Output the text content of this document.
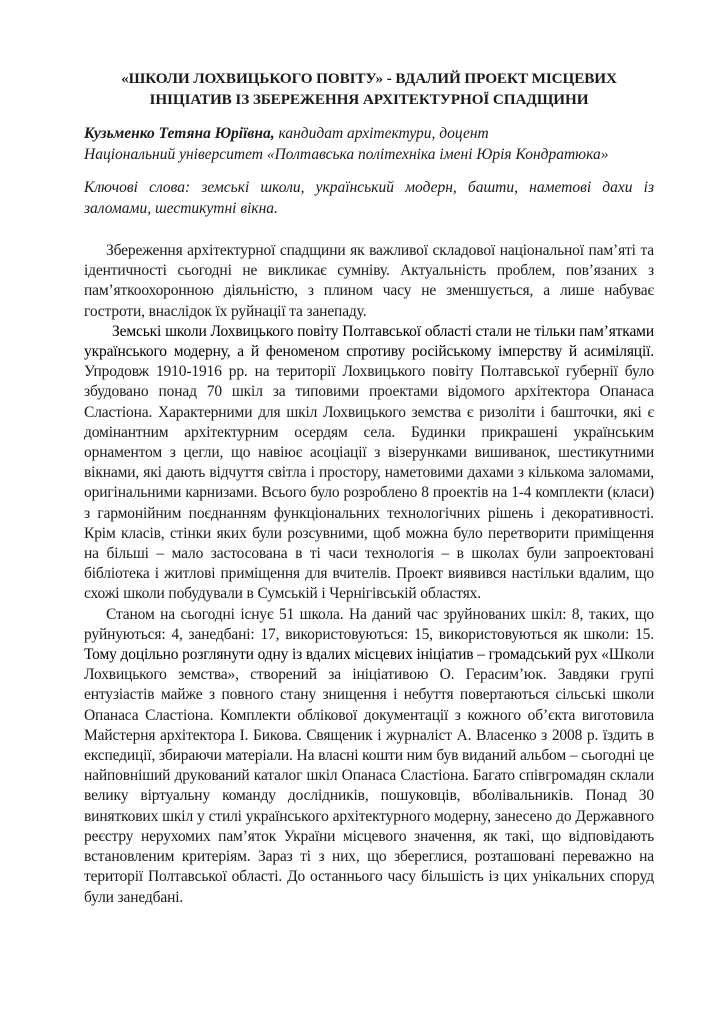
«ШКОЛИ ЛОХВИЦЬКОГО ПОВІТУ» - ВДАЛИЙ ПРОЕКТ МІСЦЕВИХ
ІНІЦІАТИВ ІЗ ЗБЕРЕЖЕННЯ АРХІТЕКТУРНОЇ СПАДЩИНИ
Кузьменко Тетяна Юріївна, кандидат архітектури, доцент
Національний університет «Полтавська політехніка імені Юрія Кондратюка»
Ключові слова: земські школи, український модерн, башти, наметові дахи із заломами, шестикутні вікна.

Збереження архітектурної спадщини як важливої складової національної пам’яті та ідентичності сьогодні не викликає сумніву. Актуальність проблем, пов’язаних з пам’яткоохоронною діяльністю, з плином часу не зменшується, а лише набуває гостроти, внаслідок їх руйнації та занепаду.

Земські школи Лохвицького повіту Полтавської області стали не тільки пам’ятками українського модерну, а й феноменом спротиву російському імперству й асиміляції. Упродовж 1910-1916 рр. на території Лохвицького повіту Полтавської губернії було збудовано понад 70 шкіл за типовими проектами відомого архітектора Опанаса Сластіона. Характерними для шкіл Лохвицького земства є ризоліти і башточки, які є домінантним архітектурним осердям села. Будинки прикрашені українським орнаментом з цегли, що навіює асоціації з візерунками вишиванок, шестикутними вікнами, які дають відчуття світла і простору, наметовими дахами з кількома заломами, оригінальними карнизами. Всього було розроблено 8 проектів на 1-4 комплекти (класи) з гармонійним поєднанням функціональних технологічних рішень і декоративності. Крім класів, стінки яких були розсувними, щоб можна було перетворити приміщення на більші – мало застосована в ті часи технологія – в школах були запроектовані бібліотека і житлові приміщення для вчителів. Проект виявився настільки вдалим, що схожі школи побудували в Сумській і Чернігівській областях.

Станом на сьогодні існує 51 школа. На даний час зруйнованих шкіл: 8, таких, що руйнуються: 4, занедбані: 17, використовуються: 15, використовуються як школи: 15. Тому доцільно розглянути одну із вдалих місцевих ініціатив – громадський рух «Школи Лохвицького земства», створений за ініціативою О. Герасим’юк. Завдяки групі ентузіастів майже з повного стану знищення і небуття повертаються сільські школи Опанаса Сластіона. Комплекти облікової документації з кожного об’єкта виготовила Майстерня архітектора І. Бикова. Священик і журналіст А. Власенко з 2008 р. їздить в експедиції, збираючи матеріали. На власні кошти ним був виданий альбом – сьогодні це найповніший друкований каталог шкіл Опанаса Сластіона. Багато співгромадян склали велику віртуальну команду дослідників, пошуковців, вболівальників. Понад 30 виняткових шкіл у стилі українського архітектурного модерну, занесено до Державного реєстру нерухомих пам’яток України місцевого значення, як такі, що відповідають встановленим критеріям. Зараз ті з них, що збереглися, розташовані переважно на території Полтавської області. До останнього часу більшість із цих унікальних споруд були занедбані.
